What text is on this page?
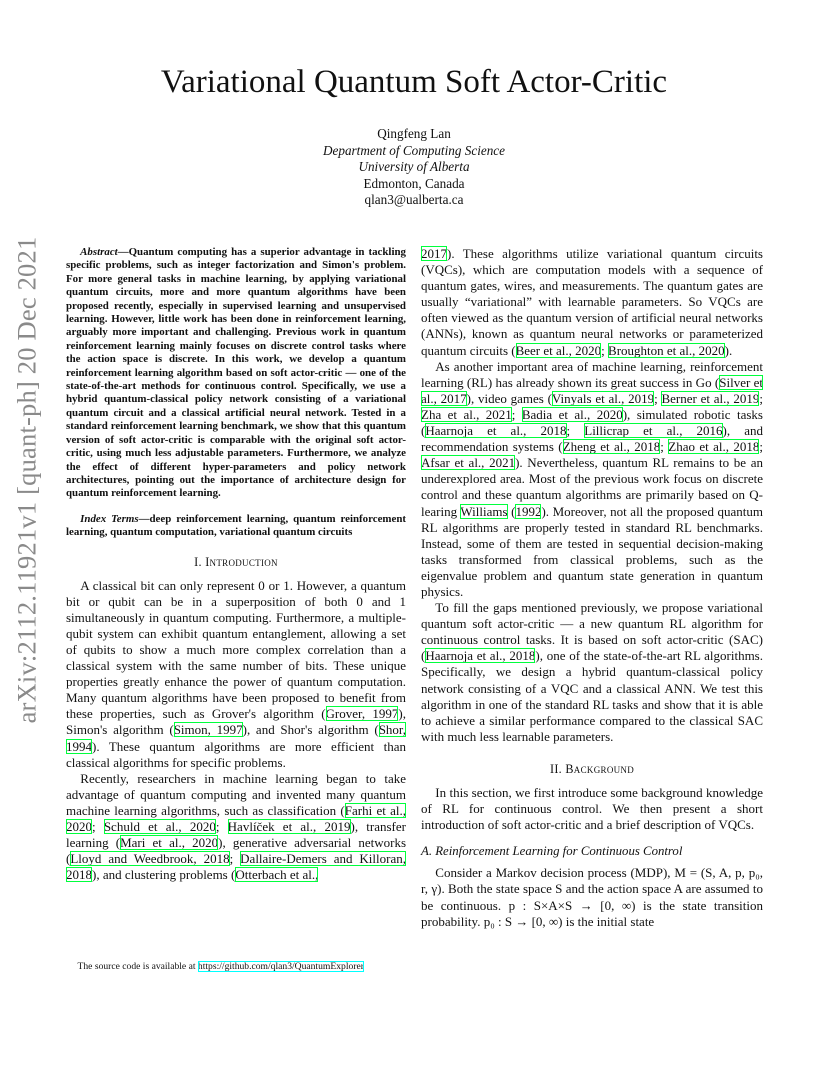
arXiv:2112.11921v1 [quant-ph] 20 Dec 2021
Variational Quantum Soft Actor-Critic
Qingfeng Lan
Department of Computing Science
University of Alberta
Edmonton, Canada
qlan3@ualberta.ca

Abstract—Quantum computing has a superior advantage in tackling specific problems, such as integer factorization and Simon's problem. For more general tasks in machine learning, by applying variational quantum circuits, more and more quantum algorithms have been proposed recently, especially in supervised learning and unsupervised learning. However, little work has been done in reinforcement learning, arguably more important and challenging. Previous work in quantum reinforcement learning mainly focuses on discrete control tasks where the action space is discrete. In this work, we develop a quantum reinforcement learning algorithm based on soft actor-critic — one of the state-of-the-art methods for continuous control. Specifically, we use a hybrid quantum-classical policy network consisting of a variational quantum circuit and a classical artificial neural network. Tested in a standard reinforcement learning benchmark, we show that this quantum version of soft actor-critic is comparable with the original soft actor-critic, using much less adjustable parameters. Furthermore, we analyze the effect of different hyper-parameters and policy network architectures, pointing out the importance of architecture design for quantum reinforcement learning.

Index Terms—deep reinforcement learning, quantum reinforcement learning, quantum computation, variational quantum circuits

I. Introduction

A classical bit can only represent 0 or 1. However, a quantum bit or qubit can be in a superposition of both 0 and 1 simultaneously in quantum computing. Furthermore, a multiple-qubit system can exhibit quantum entanglement, allowing a set of qubits to show a much more complex correlation than a classical system with the same number of bits. These unique properties greatly enhance the power of quantum computation. Many quantum algorithms have been proposed to benefit from these properties, such as Grover's algorithm (Grover, 1997), Simon's algorithm (Simon, 1997), and Shor's algorithm (Shor, 1994). These quantum algorithms are more efficient than classical algorithms for specific problems.

Recently, researchers in machine learning began to take advantage of quantum computing and invented many quantum machine learning algorithms, such as classification (Farhi et al., 2020; Schuld et al., 2020; Havlíček et al., 2019), transfer learning (Mari et al., 2020), generative adversarial networks (Lloyd and Weedbrook, 2018; Dallaire-Demers and Killoran, 2018), and clustering problems (Otterbach et al.,

The source code is available at https://github.com/qlan3/QuantumExplorer

2017). These algorithms utilize variational quantum circuits (VQCs), which are computation models with a sequence of quantum gates, wires, and measurements. The quantum gates are usually “variational” with learnable parameters. So VQCs are often viewed as the quantum version of artificial neural networks (ANNs), known as quantum neural networks or parameterized quantum circuits (Beer et al., 2020; Broughton et al., 2020).

As another important area of machine learning, reinforcement learning (RL) has already shown its great success in Go (Silver et al., 2017), video games (Vinyals et al., 2019; Berner et al., 2019; Zha et al., 2021; Badia et al., 2020), simulated robotic tasks (Haarnoja et al., 2018; Lillicrap et al., 2016), and recommendation systems (Zheng et al., 2018; Zhao et al., 2018; Afsar et al., 2021). Nevertheless, quantum RL remains to be an underexplored area. Most of the previous work focus on discrete control and these quantum algorithms are primarily based on Q-learing Williams (1992). Moreover, not all the proposed quantum RL algorithms are properly tested in standard RL benchmarks. Instead, some of them are tested in sequential decision-making tasks transformed from classical problems, such as the eigenvalue problem and quantum state generation in quantum physics.

To fill the gaps mentioned previously, we propose variational quantum soft actor-critic — a new quantum RL algorithm for continuous control tasks. It is based on soft actor-critic (SAC) (Haarnoja et al., 2018), one of the state-of-the-art RL algorithms. Specifically, we design a hybrid quantum-classical policy network consisting of a VQC and a classical ANN. We test this algorithm in one of the standard RL tasks and show that it is able to achieve a similar performance compared to the classical SAC with much less learnable parameters.

II. Background

In this section, we first introduce some background knowledge of RL for continuous control. We then present a short introduction of soft actor-critic and a brief description of VQCs.

A. Reinforcement Learning for Continuous Control

Consider a Markov decision process (MDP), M = (S, A, p, p₀, r, γ). Both the state space S and the action space A are assumed to be continuous. p : S×A×S → [0, ∞) is the state transition probability. p₀ : S → [0, ∞) is the initial state
